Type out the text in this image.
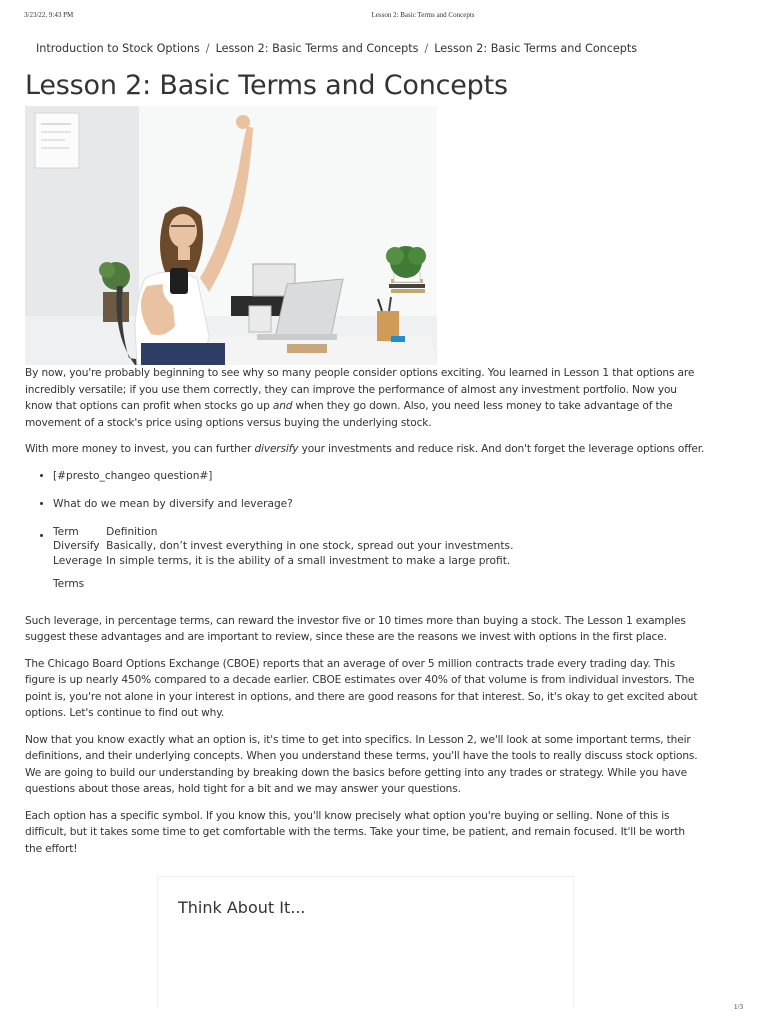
3/23/22, 9:43 PM	Lesson 2: Basic Terms and Concepts
Introduction to Stock Options / Lesson 2: Basic Terms and Concepts / Lesson 2: Basic Terms and Concepts
Lesson 2: Basic Terms and Concepts

By now, you're probably beginning to see why so many people consider options exciting. You learned in Lesson 1 that options are incredibly versatile; if you use them correctly, they can improve the performance of almost any investment portfolio. Now you know that options can profit when stocks go up and when they go down. Also, you need less money to take advantage of the movement of a stock's price using options versus buying the underlying stock.

With more money to invest, you can further diversify your investments and reduce risk. And don't forget the leverage options offer.

• [#presto_changeo question#]
• What do we mean by diversify and leverage?
• Term	Definition
Diversify	Basically, don’t invest everything in one stock, spread out your investments.
Leverage	In simple terms, it is the ability of a small investment to make a large profit.
Terms

Such leverage, in percentage terms, can reward the investor five or 10 times more than buying a stock. The Lesson 1 examples suggest these advantages and are important to review, since these are the reasons we invest with options in the first place.

The Chicago Board Options Exchange (CBOE) reports that an average of over 5 million contracts trade every trading day. This figure is up nearly 450% compared to a decade earlier. CBOE estimates over 40% of that volume is from individual investors. The point is, you're not alone in your interest in options, and there are good reasons for that interest. So, it's okay to get excited about options. Let's continue to find out why.

Now that you know exactly what an option is, it's time to get into specifics. In Lesson 2, we'll look at some important terms, their definitions, and their underlying concepts. When you understand these terms, you'll have the tools to really discuss stock options. We are going to build our understanding by breaking down the basics before getting into any trades or strategy. While you have questions about those areas, hold tight for a bit and we may answer your questions.

Each option has a specific symbol. If you know this, you'll know precisely what option you're buying or selling. None of this is difficult, but it takes some time to get comfortable with the terms. Take your time, be patient, and remain focused. It'll be worth the effort!

Think About It...
1/3
